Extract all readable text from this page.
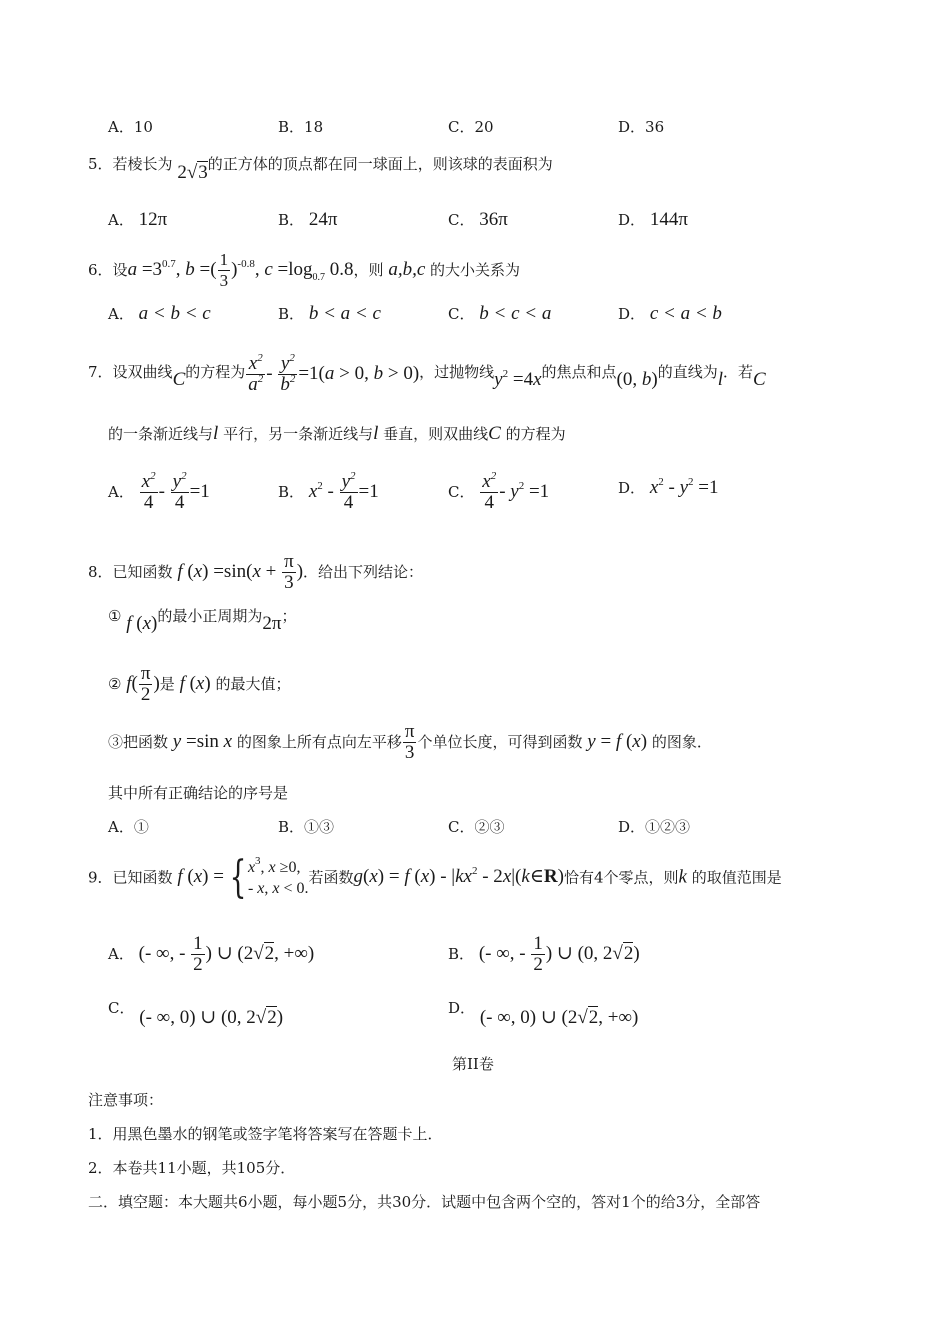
A．10	B．18	C．20	D．36
5．若棱长为 2√3的正方体的顶点都在同一球面上，则该球的表面积为
A． 12π	B． 24π	C． 36π	D． 144π
6．设$a =3^{0.7}$, b =( $\frac{1}{3} )^{-0.8}$, $c =\log_{0.7}$ 0.8，则 a,b,c 的大小关系为
A． a < b < c	B． b < a < c	C． b < c < a	D． c < a < b
7．设双曲线C的方程为 $\frac{x^2}{a^2} - \frac{y^2}{b^2} =1(a > 0$, b > 0)，过抛物线$y^2 =4x$的焦点和点(0, b)的直线为l．若C
的一条渐近线与l 平行，另一条渐近线与l 垂直，则双曲线C 的方程为
A． $\frac{x^2}{4} - \frac{y^2}{4} =1$	B． $x^2 - \frac{y^2}{4} =1$	C． $\frac{x^2}{4} - y^2 =1$	D． $x^2 - y^2 =1$
8．已知函数 f $(x) =\sin(x + \frac{\pi}{3}$ )．给出下列结论：
① f (x)的最小正周期为2π；
② $f( \frac{\pi}{2}$ )是 f (x) 的最大值；
③把函数 y =sin x 的图象上所有点向左平移 $\frac{\pi}{3}$ 个单位长度，可得到函数 y = f (x) 的图象．
其中所有正确结论的序号是
A．①	B．①③	C．②③	D．①②③
9．已知函数 f (x) = { $x^3$, x ≥0,
- x, x < 0.
若函数g(x) = f $(x) - |kx^2$ - 2x|(k∈R)恰有4个零点，则k 的取值范围是
A． (- ∞, - $\frac{1}{2}$ ) ∪ (2√2, +∞)	B． (- ∞, - $\frac{1}{2}$ ) ∪ (0, 2√2)
C． (- ∞, 0) ∪ (0, 2√2)	D． (- ∞, 0) ∪ (2√2, +∞)
第II卷
注意事项：
1．用黑色墨水的钢笔或签字笔将答案写在答题卡上．
2．本卷共11小题，共105分．
二．填空题：本大题共6小题，每小题5分，共30分．试题中包含两个空的，答对1个的给3分，全部答
